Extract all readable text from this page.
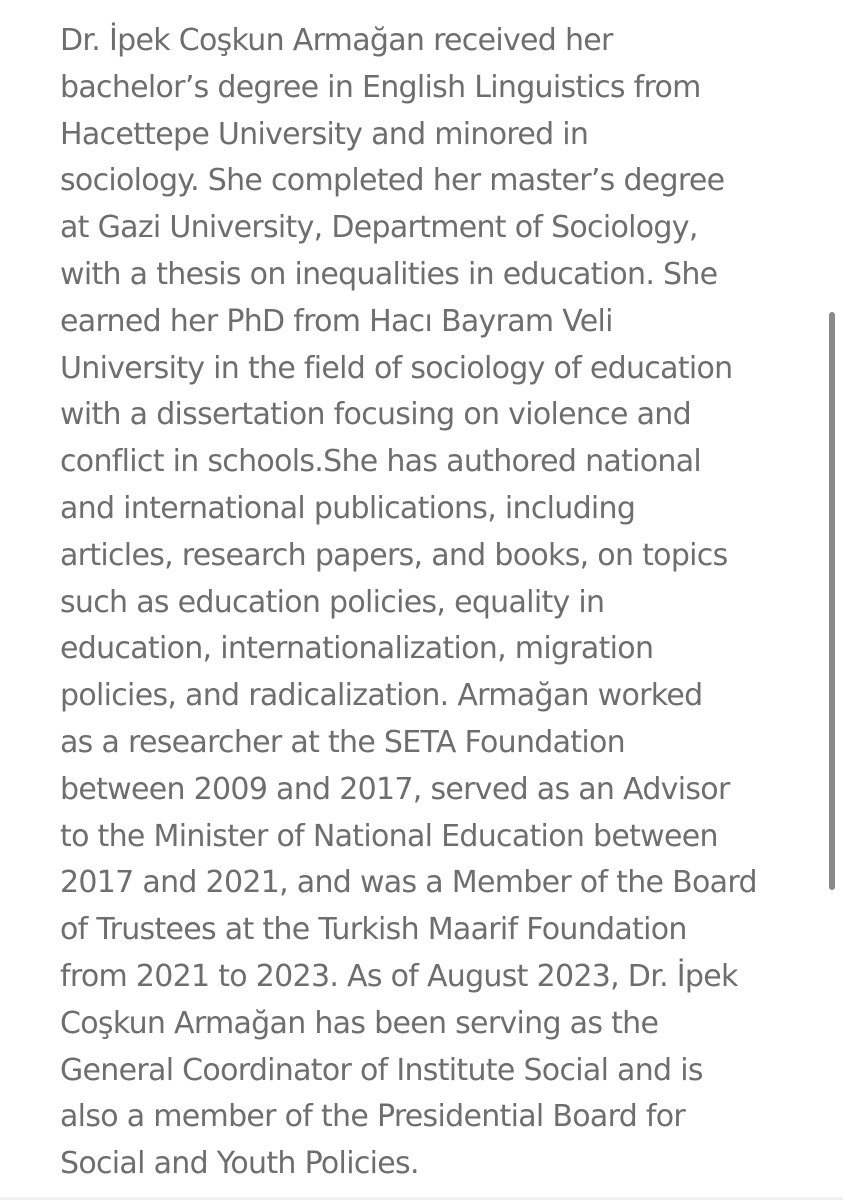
Dr. İpek Coşkun Armağan received her
bachelor’s degree in English Linguistics from
Hacettepe University and minored in
sociology. She completed her master’s degree
at Gazi University, Department of Sociology,
with a thesis on inequalities in education. She
earned her PhD from Hacı Bayram Veli
University in the field of sociology of education
with a dissertation focusing on violence and
conflict in schools.She has authored national
and international publications, including
articles, research papers, and books, on topics
such as education policies, equality in
education, internationalization, migration
policies, and radicalization. Armağan worked
as a researcher at the SETA Foundation
between 2009 and 2017, served as an Advisor
to the Minister of National Education between
2017 and 2021, and was a Member of the Board
of Trustees at the Turkish Maarif Foundation
from 2021 to 2023. As of August 2023, Dr. İpek
Coşkun Armağan has been serving as the
General Coordinator of Institute Social and is
also a member of the Presidential Board for
Social and Youth Policies.
